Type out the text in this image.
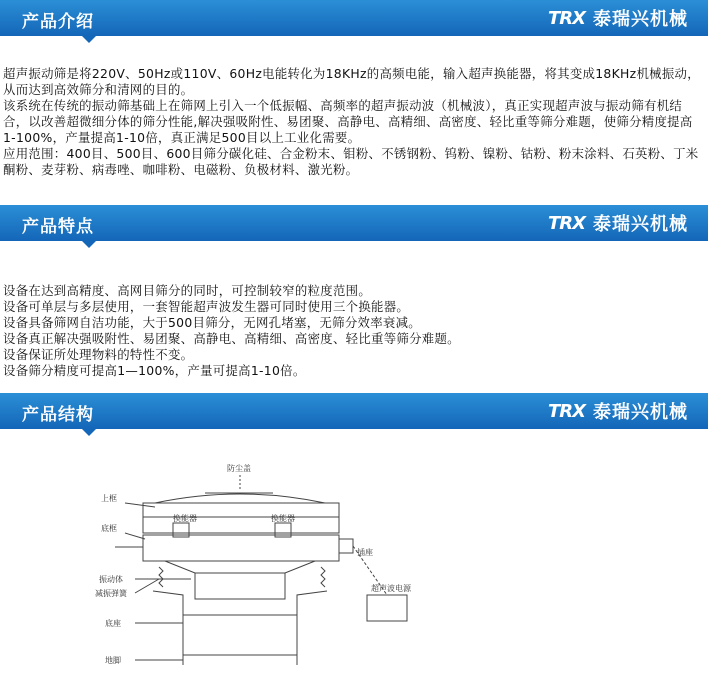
产品介绍	TRX 泰瑞兴机械

超声振动筛是将220V、50Hz或110V、60Hz电能转化为18KHz的高频电能，输入超声换能器，将其变成18KHz机械振动，从而达到高效筛分和清网的目的。

该系统在传统的振动筛基础上在筛网上引入一个低振幅、高频率的超声振动波（机械波），真正实现超声波与振动筛有机结合，以改善超微细分体的筛分性能,解决强吸附性、易团聚、高静电、高精细、高密度、轻比重等筛分难题，使筛分精度提高1-100%，产量提高1-10倍，真正满足500目以上工业化需要。

应用范围：400目、500目、600目筛分碳化硅、合金粉末、钼粉、不锈钢粉、钨粉、镍粉、钴粉、粉末涂料、石英粉、丁米酮粉、麦芽粉、病毒唑、咖啡粉、电磁粉、负极材料、激光粉。

产品特点	TRX 泰瑞兴机械

设备在达到高精度、高网目筛分的同时，可控制较窄的粒度范围。

设备可单层与多层使用，一套智能超声波发生器可同时使用三个换能器。

设备具备筛网自洁功能，大于500目筛分，无网孔堵塞，无筛分效率衰减。

设备真正解决强吸附性、易团聚、高静电、高精细、高密度、轻比重等筛分难题。

设备保证所处理物料的特性不变。

设备筛分精度可提高1—100%，产量可提高1-10倍。

产品结构	TRX 泰瑞兴机械
防尘盖
上框
底框
换能器	换能器
插座
振动体
减振弹簧
底座
地脚
超声波电源
